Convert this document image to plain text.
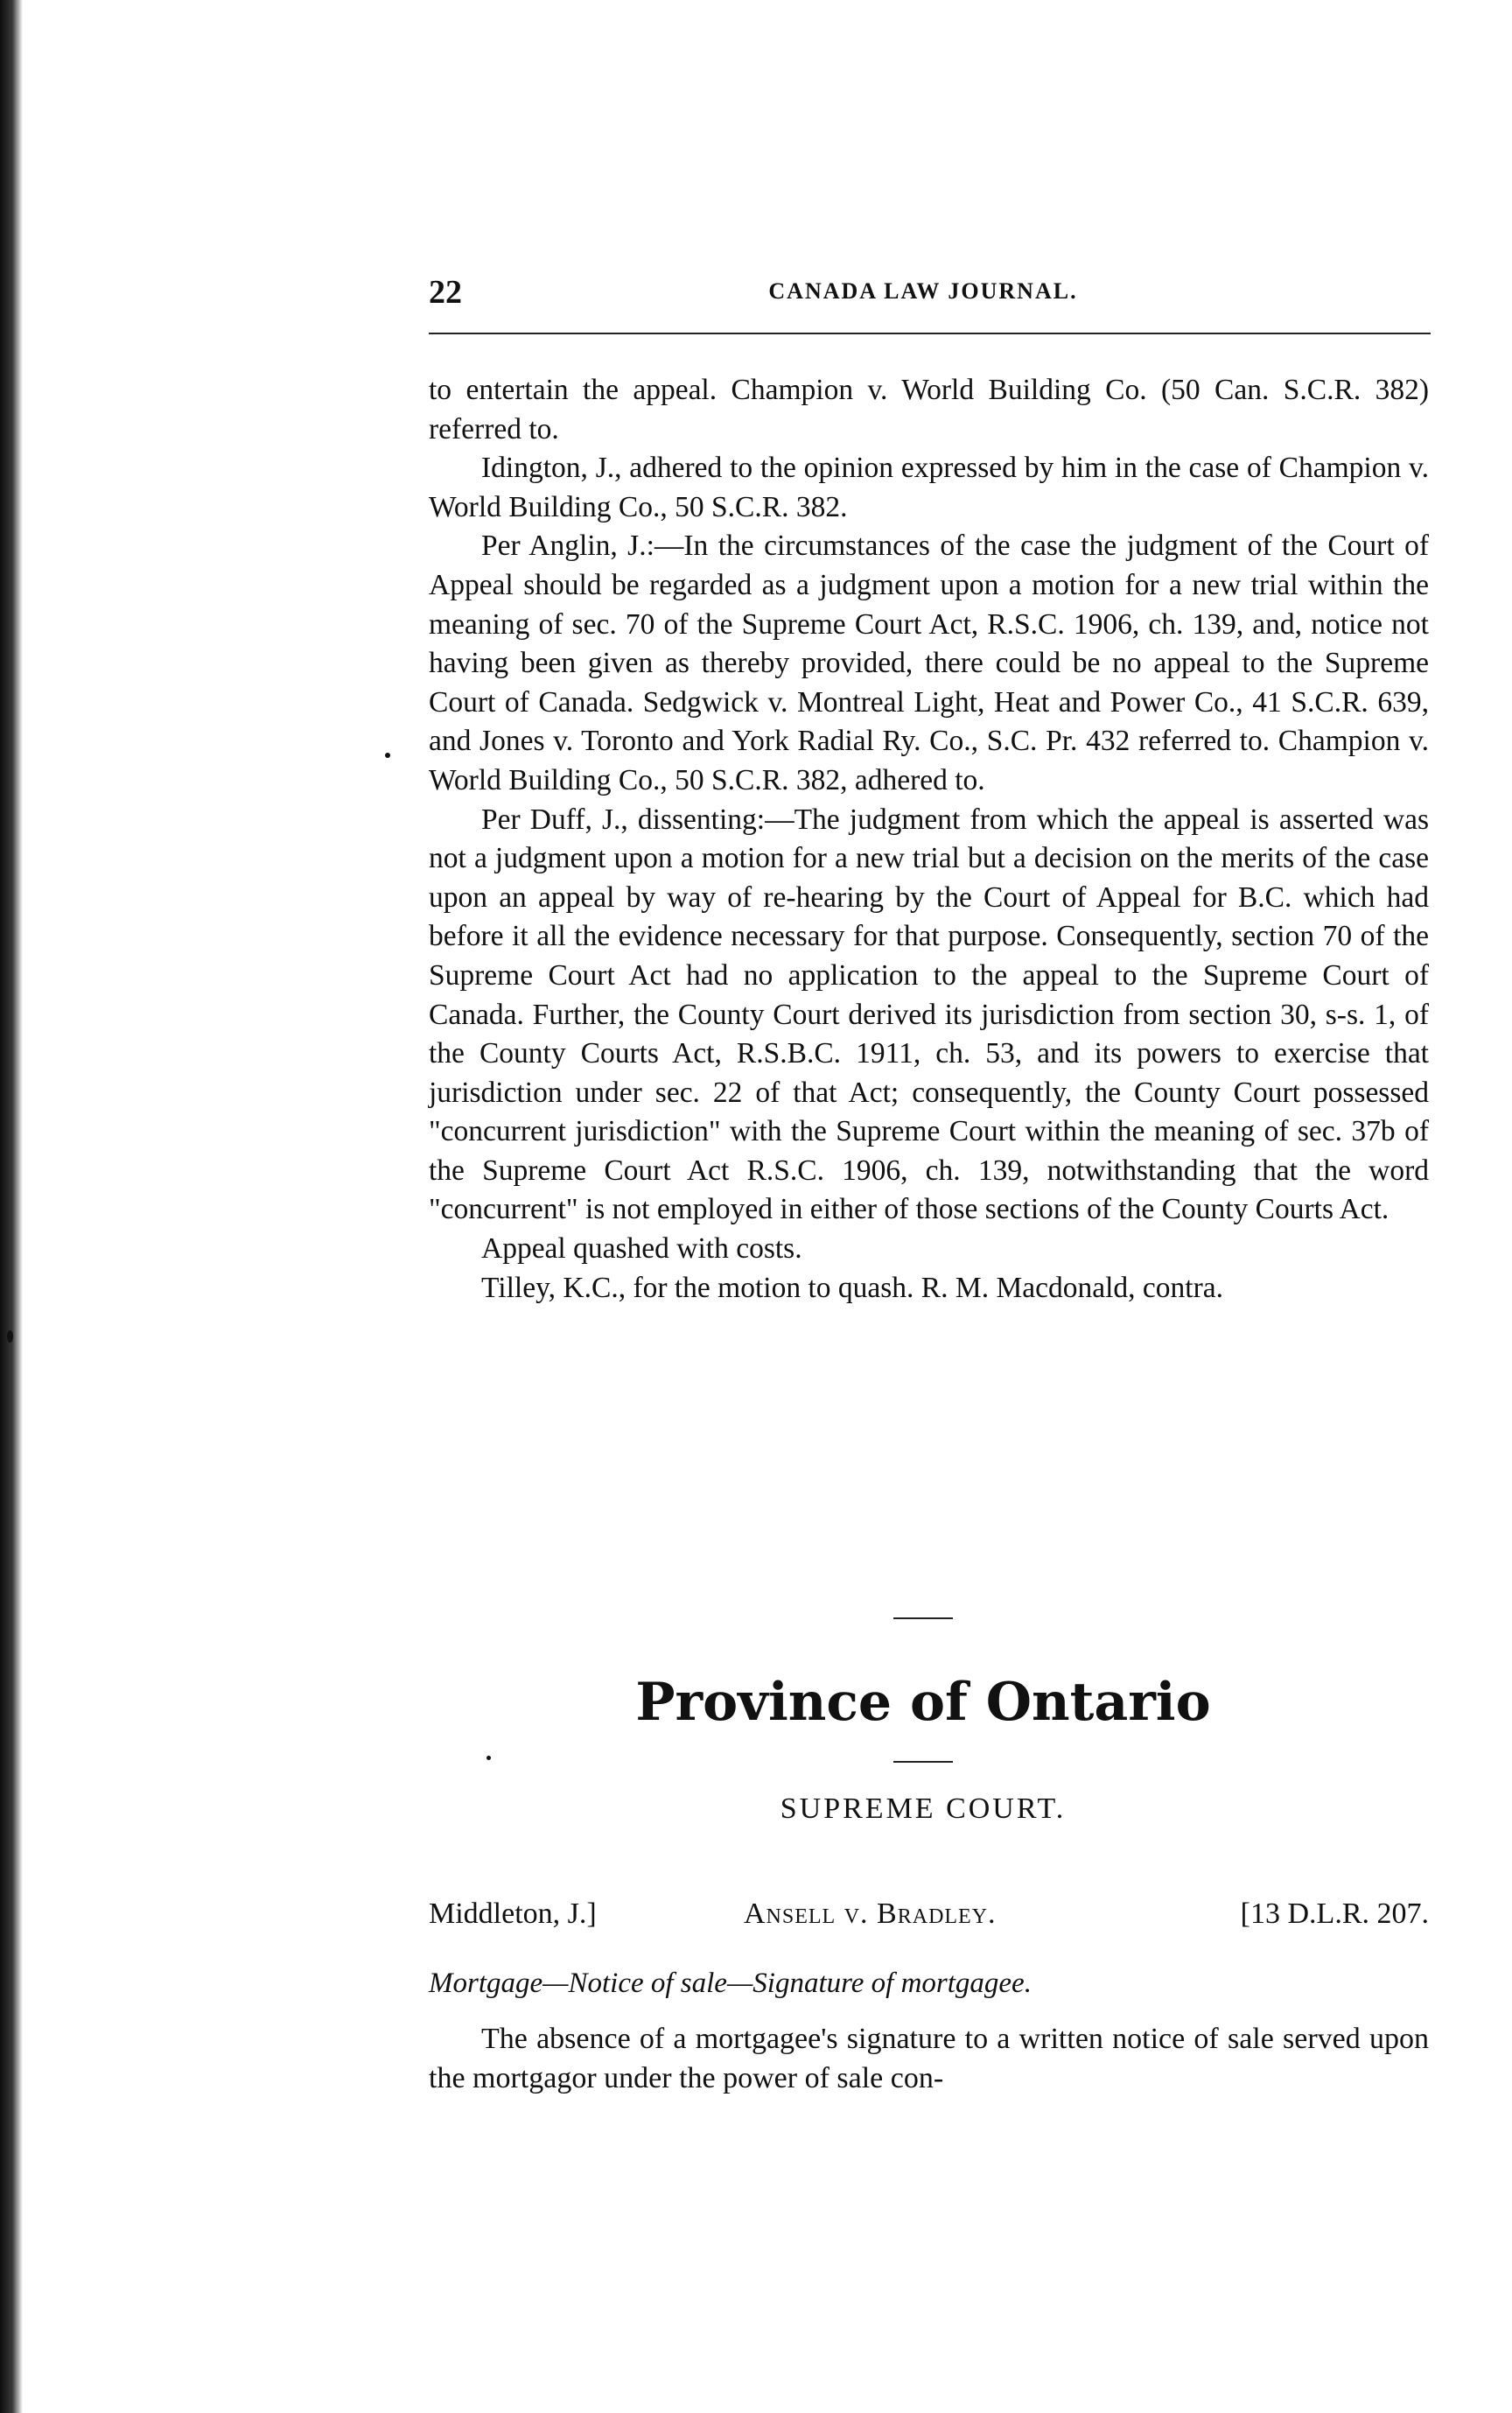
22	CANADA LAW JOURNAL.

to entertain the appeal. Champion v. World Building Co. (50 Can. S.C.R. 382) referred to.

Idington, J., adhered to the opinion expressed by him in the case of Champion v. World Building Co., 50 S.C.R. 382.

Per Anglin, J.:—In the circumstances of the case the judgment of the Court of Appeal should be regarded as a judgment upon a motion for a new trial within the meaning of sec. 70 of the Supreme Court Act, R.S.C. 1906, ch. 139, and, notice not having been given as thereby provided, there could be no appeal to the Supreme Court of Canada. Sedgwick v. Montreal Light, Heat and Power Co., 41 S.C.R. 639, and Jones v. Toronto and York Radial Ry. Co., S.C. Pr. 432 referred to. Champion v. World Building Co., 50 S.C.R. 382, adhered to.

Per Duff, J., dissenting:—The judgment from which the appeal is asserted was not a judgment upon a motion for a new trial but a decision on the merits of the case upon an appeal by way of re-hearing by the Court of Appeal for B.C. which had before it all the evidence necessary for that purpose. Consequently, section 70 of the Supreme Court Act had no application to the appeal to the Supreme Court of Canada. Further, the County Court derived its jurisdiction from section 30, s-s. 1, of the County Courts Act, R.S.B.C. 1911, ch. 53, and its powers to exercise that jurisdiction under sec. 22 of that Act; consequently, the County Court possessed "concurrent jurisdiction" with the Supreme Court within the meaning of sec. 37b of the Supreme Court Act R.S.C. 1906, ch. 139, notwithstanding that the word "concurrent" is not employed in either of those sections of the County Courts Act.

Appeal quashed with costs.

Tilley, K.C., for the motion to quash. R. M. Macdonald, contra.

Province of Ontario
SUPREME COURT.
Middleton, J.]	Ansell v. Bradley.	[13 D.L.R. 207.
Mortgage—Notice of sale—Signature of mortgagee.

The absence of a mortgagee's signature to a written notice of sale served upon the mortgagor under the power of sale con-
